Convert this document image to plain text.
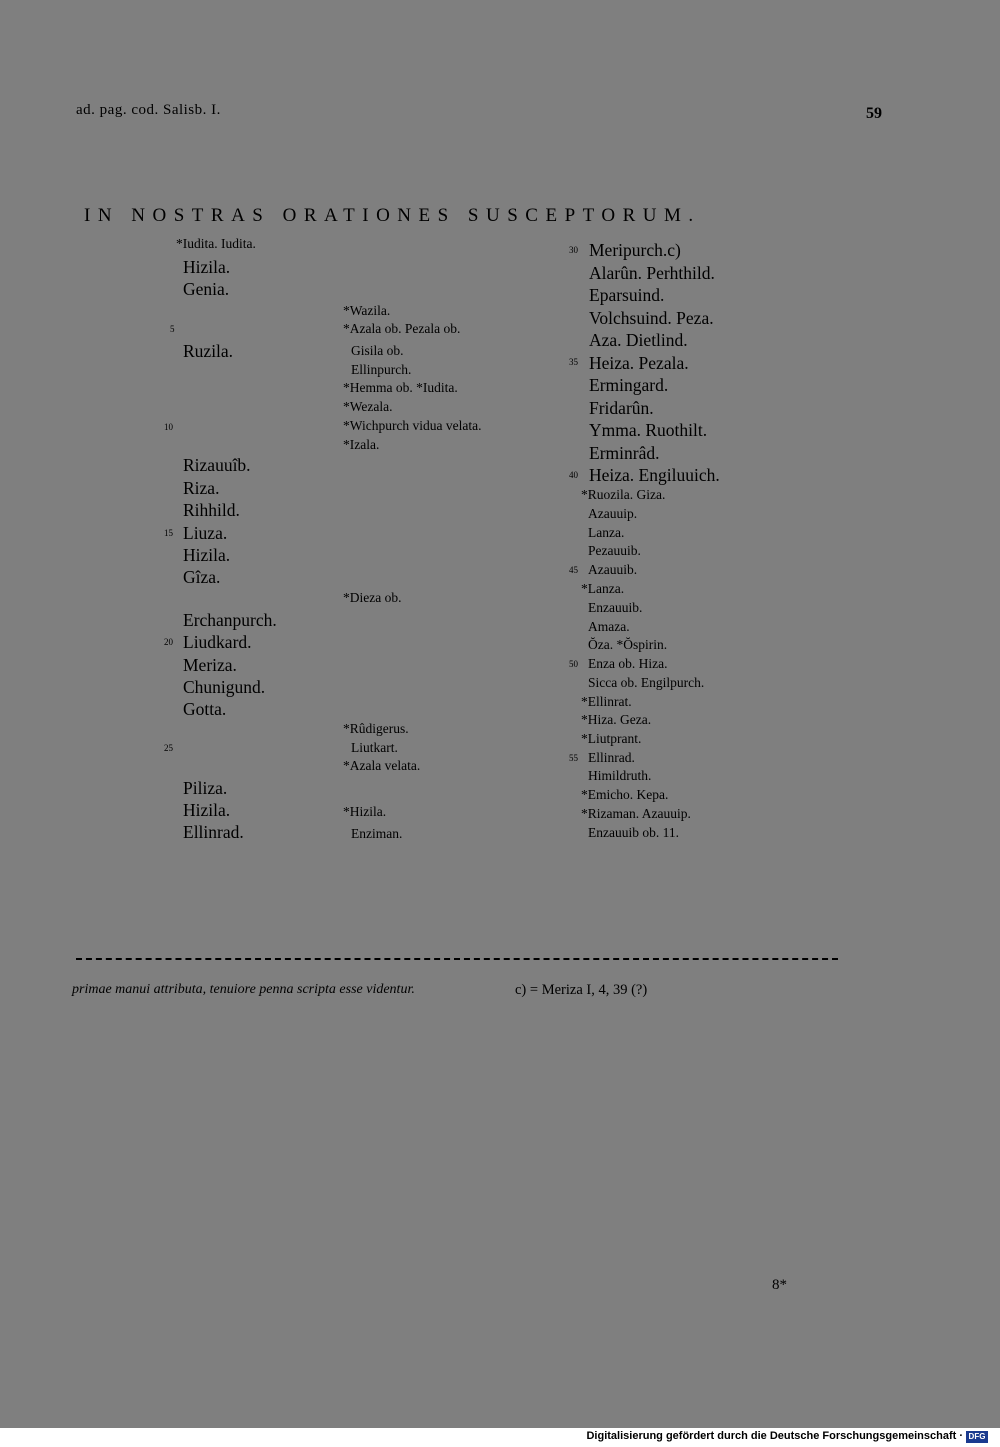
ad. pag. cod. Salisb. I.	59
IN NOSTRAS ORATIONES SUSCEPTORUM.
*Iudita. Iudita.
Hizila.
Genia.
Ruzila.
Rizauuîb.
Riza.
Rihhild.
Liuza.
Hizila.
Gîza.
Erchanpurch.
Liudkard.
Meriza.
Chunigund.
Gotta.
Piliza.
Hizila.
Ellinrad.
5
10
15
20
25
*Wazila.
*Azala ob. Pezala ob.
Gisila ob.
Ellinpurch.
*Hemma ob. *Iudita.
*Wezala.
*Wichpurch vidua velata.
*Izala.
*Dieza ob.
*Rûdigerus.
Liutkart.
*Azala velata.
*Hizila.
Enziman.
Meripurch.c)
Alarûn. Perhthild.
Eparsuind.
Volchsuind. Peza.
Aza. Dietlind.
Heiza. Pezala.
Ermingard.
Fridarûn.
Ymma. Ruothilt.
Erminrâd.
Heiza. Engiluuich.
*Ruozila. Giza.
Azauuip.
Lanza.
Pezauuib.
Azauuib.
*Lanza.
Enzauuib.
Amaza.
Ŏza. *Ŏspirin.
Enza ob. Hiza.
Sicca ob. Engilpurch.
*Ellinrat.
*Hiza. Geza.
*Liutprant.
Ellinrad.
Himildruth.
*Emicho. Kepa.
*Rizaman. Azauuip.
Enzauuib ob. 11.
30
35
40
45
50
55
primae manui attributa, tenuiore penna scripta esse videntur.	c) = Meriza I, 4, 39 (?)
8*
Digitalisierung gefördert durch die Deutsche Forschungsgemeinschaft · DFG
